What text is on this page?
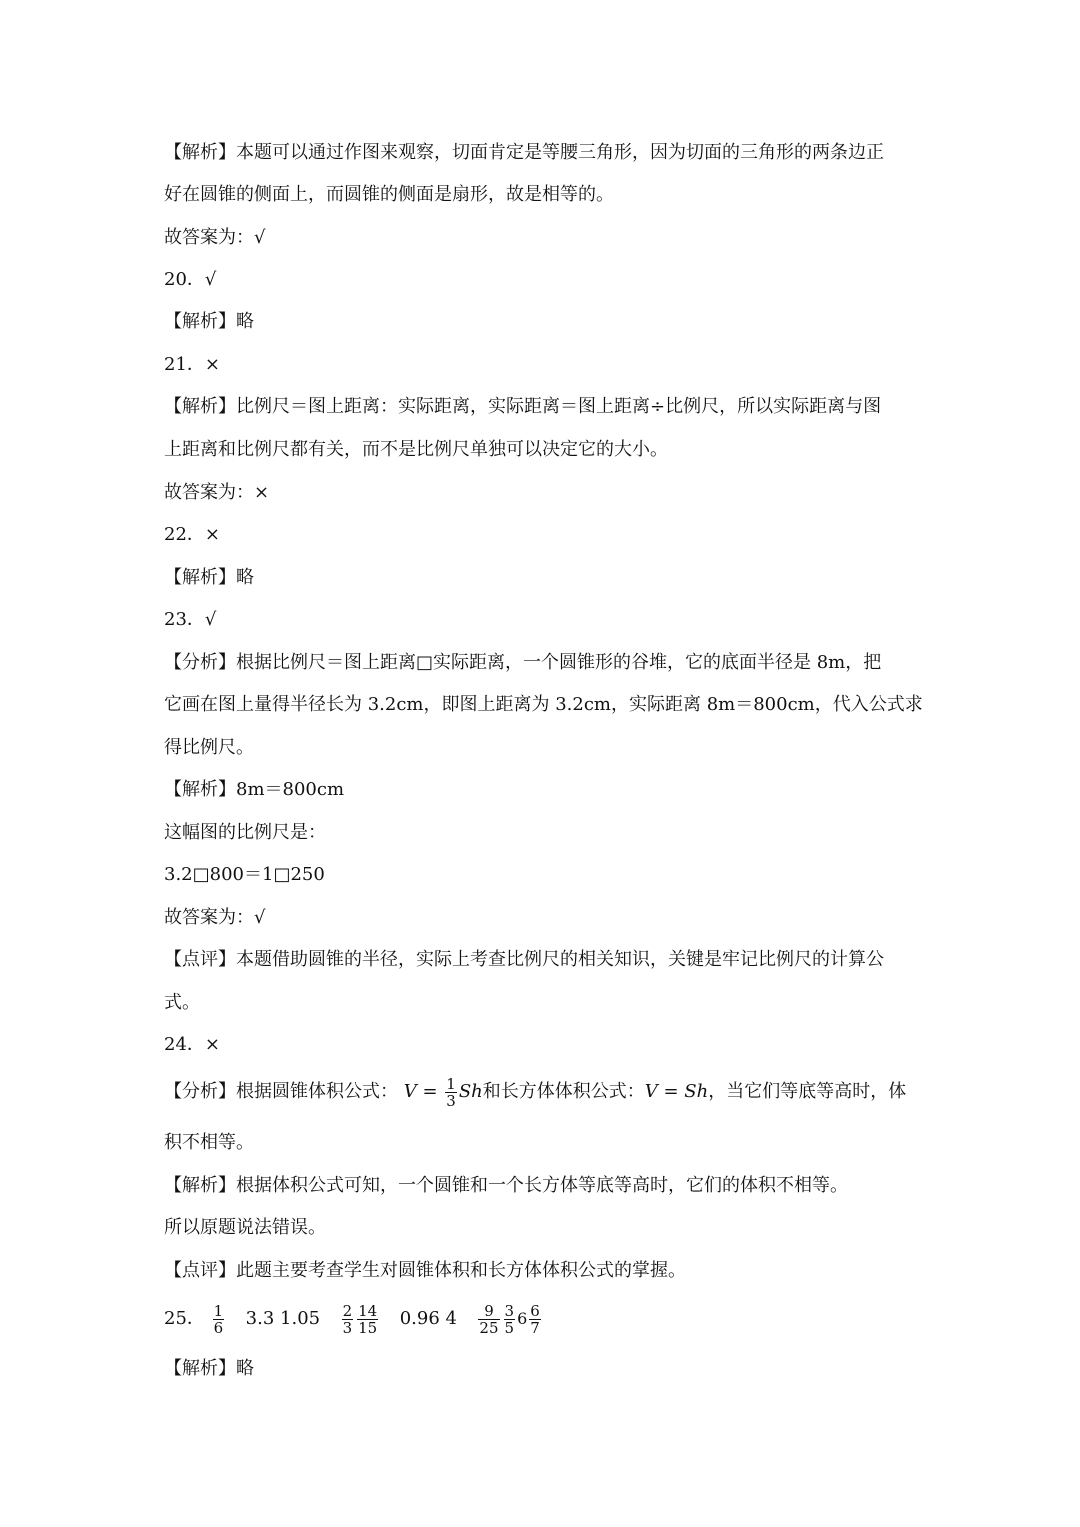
【解析】本题可以通过作图来观察，切面肯定是等腰三角形，因为切面的三角形的两条边正
好在圆锥的侧面上，而圆锥的侧面是扇形，故是相等的。
故答案为：√
20．√
【解析】略
21．×
【解析】比例尺＝图上距离：实际距离，实际距离＝图上距离÷比例尺，所以实际距离与图
上距离和比例尺都有关，而不是比例尺单独可以决定它的大小。
故答案为：×
22．×
【解析】略
23．√
【分析】根据比例尺＝图上距离□实际距离，一个圆锥形的谷堆，它的底面半径是 8m，把
它画在图上量得半径长为 3.2cm，即图上距离为 3.2cm，实际距离 8m＝800cm，代入公式求
得比例尺。
【解析】8m＝800cm
这幅图的比例尺是：
3.2□800＝1□250
故答案为：√
【点评】本题借助圆锥的半径，实际上考查比例尺的相关知识，关键是牢记比例尺的计算公
式。
24．×
【分析】根据圆锥体积公式： $V = \frac{1}{3}$ Sh和长方体体积公式：V = Sh，当它们等底等高时，体
积不相等。
【解析】根据体积公式可知，一个圆锥和一个长方体等底等高时，它们的体积不相等。
所以原题说法错误。
【点评】此题主要考查学生对圆锥体积和长方体体积公式的掌握。
25． $\frac{1}{6} 3.3$ $1.05 \frac{2}{3} \frac{14}{15} 0.96$ $4 \frac{9}{25} \frac{3}{5} 6 \frac{6}{7}$
【解析】略
